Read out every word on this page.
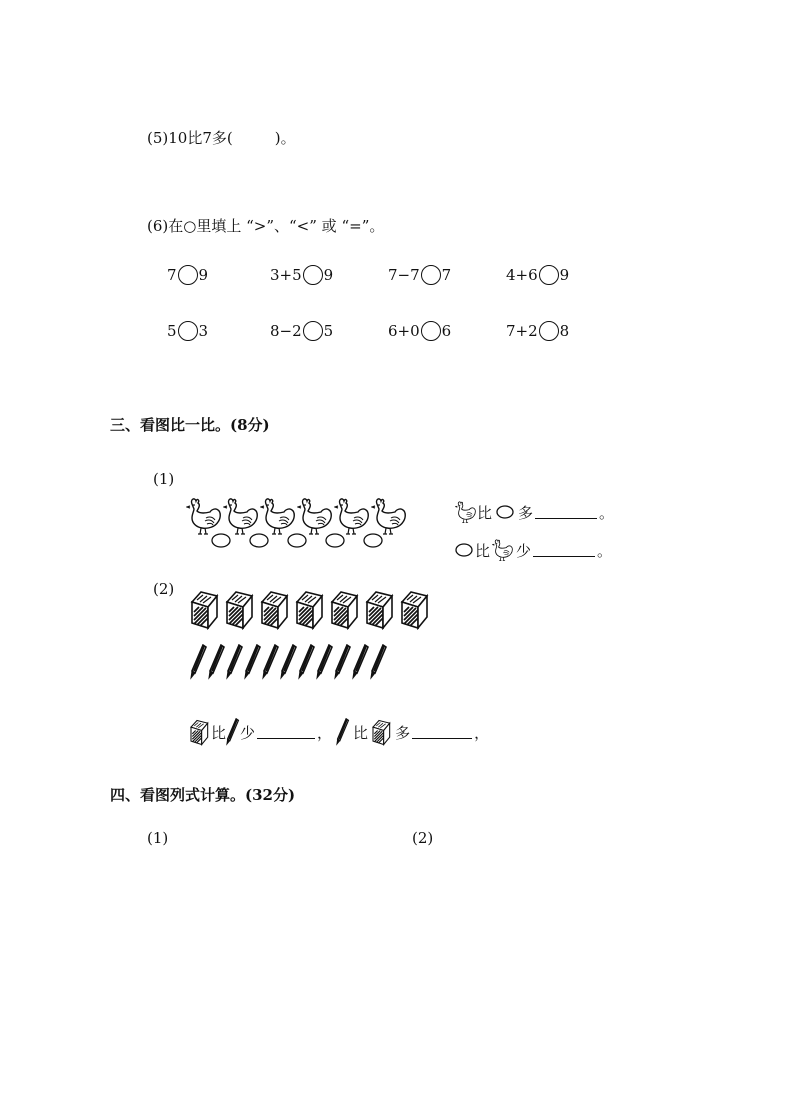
(5)10比7多(	)。
(6)在○里填上 “>”、“<” 或 “=”。
7 9	3+5 9	7−7 7	4+6 9
5 3	8−2 5	6+0 6	7+2 8
三、看图比一比。(8分)
(1)
比 多	。
比 少	。
(2)
比 少	， 比 多	，
四、看图列式计算。(32分)
(1)	(2)
